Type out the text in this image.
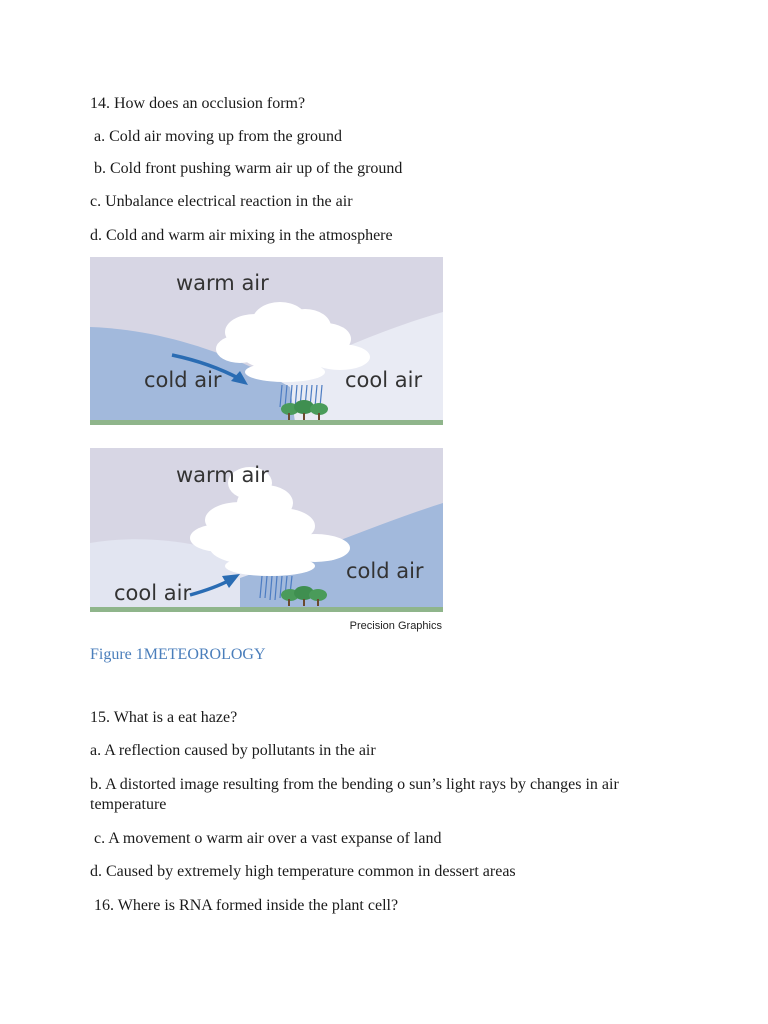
14. How does an occlusion form?
a. Cold air moving up from the ground
b. Cold front pushing warm air up of the ground
c. Unbalance electrical reaction in the air
d. Cold and warm air mixing in the atmosphere
warm air
cold air	cool air
warm air
cool air
cold air
Precision Graphics
Figure 1METEOROLOGY
15. What is a eat haze?
a. A reflection caused by pollutants in the air
b. A distorted image resulting from the bending o sun’s light rays by changes in air temperature
c. A movement o warm air over a vast expanse of land
d. Caused by extremely high temperature common in dessert areas
16. Where is RNA formed inside the plant cell?
